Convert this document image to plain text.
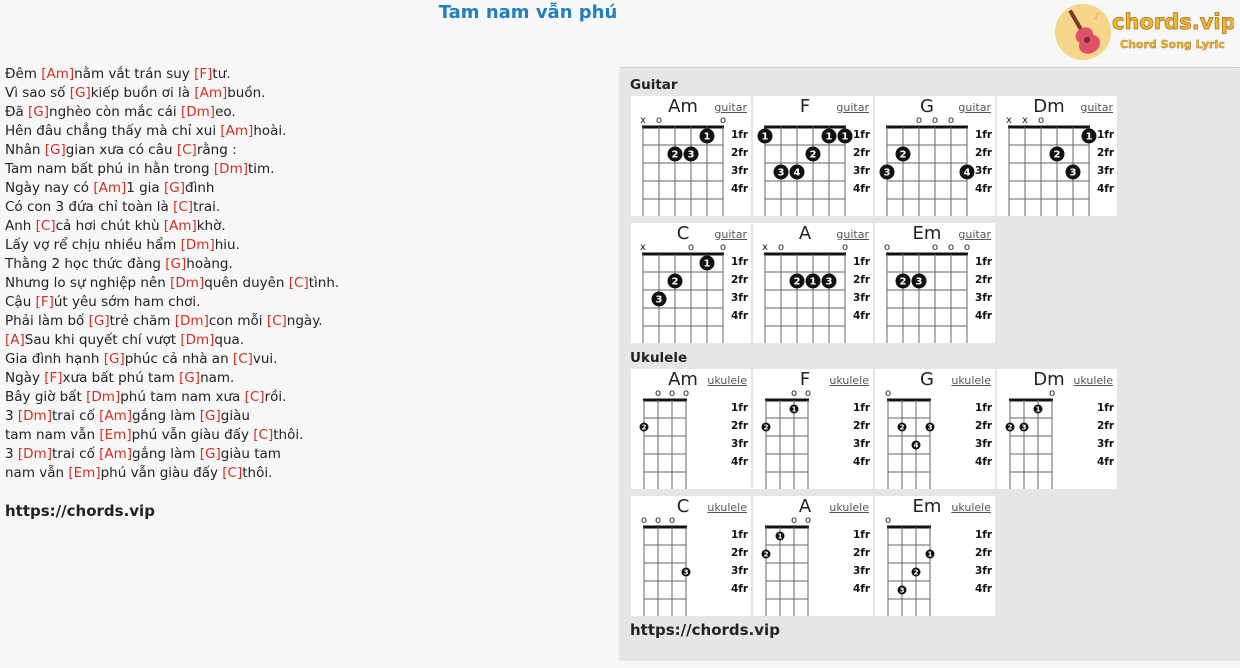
Tam nam vẫn phú	♪ chords.vip
Chord Song Lyric
Đêm [Am]nằm vắt trán suy [F]tư.
Vì sao số [G]kiếp buồn ơi là [Am]buồn.
Đã [G]nghèo còn mắc cái [Dm]eo.
Hên đâu chẳng thấy mà chỉ xui [Am]hoài.
Nhân [G]gian xưa có câu [C]rằng :
Tam nam bất phú in hằn trong [Dm]tim.
Ngày nay có [Am]1 gia [G]đình
Có con 3 đứa chỉ toàn là [C]trai.
Anh [C]cả hơi chút khù [Am]khờ.
Lấy vợ rể chịu nhiều hẩm [Dm]hiu.
Thằng 2 học thức đàng [G]hoàng.
Nhưng lo sự nghiệp nên [Dm]quên duyên [C]tình.
Cậu [F]út yêu sớm ham chơi.
Phải làm bố [G]trẻ chăm [Dm]con mỗi [C]ngày.
[A]Sau khi quyết chí vượt [Dm]qua.
Gia đình hạnh [G]phúc cả nhà an [C]vui.
Ngày [F]xưa bất phú tam [G]nam.
Bây giờ bất [Dm]phú tam nam xưa [C]rồi.
3 [Dm]trai cố [Am]gắng làm [G]giàu
tam nam vẫn [Em]phú vẫn giàu đấy [C]thôi.
3 [Dm]trai cố [Am]gắng làm [G]giàu tam
nam vẫn [Em]phú vẫn giàu đấy [C]thôi.
https://chords.vip
Guitar
x o	o
1
2 3
Am	guitar
1fr
2fr
3fr
4fr
1	1 1
2
3 4
F	guitar
1fr
2fr
3fr
4fr
o o o
2
3	4
G	guitar
1fr
2fr
3fr
4fr
x x o
1
2
3
Dm	guitar
1fr
2fr
3fr
4fr
x	o	o
1
2
3
C	guitar
1fr
2fr
3fr
4fr
x o	o
2 1 3
A	guitar
1fr
2fr
3fr
4fr
o	o o o
2 3
Em	guitar
1fr
2fr
3fr
4fr
Ukulele
o o o
2
Am ukulele
1fr
2fr
3fr
4fr
o o
1
2
F	ukulele
1fr
2fr
3fr
4fr
o
2	3
4
G	ukulele
1fr
2fr
3fr
4fr
o
1
2 3
Dm ukulele
1fr
2fr
3fr
4fr
o o o
3
C	ukulele
1fr
2fr
3fr
4fr
o o
1
2
A	ukulele
1fr
2fr
3fr
4fr
o
1
2
3
Em ukulele
1fr
2fr
3fr
4fr
https://chords.vip
